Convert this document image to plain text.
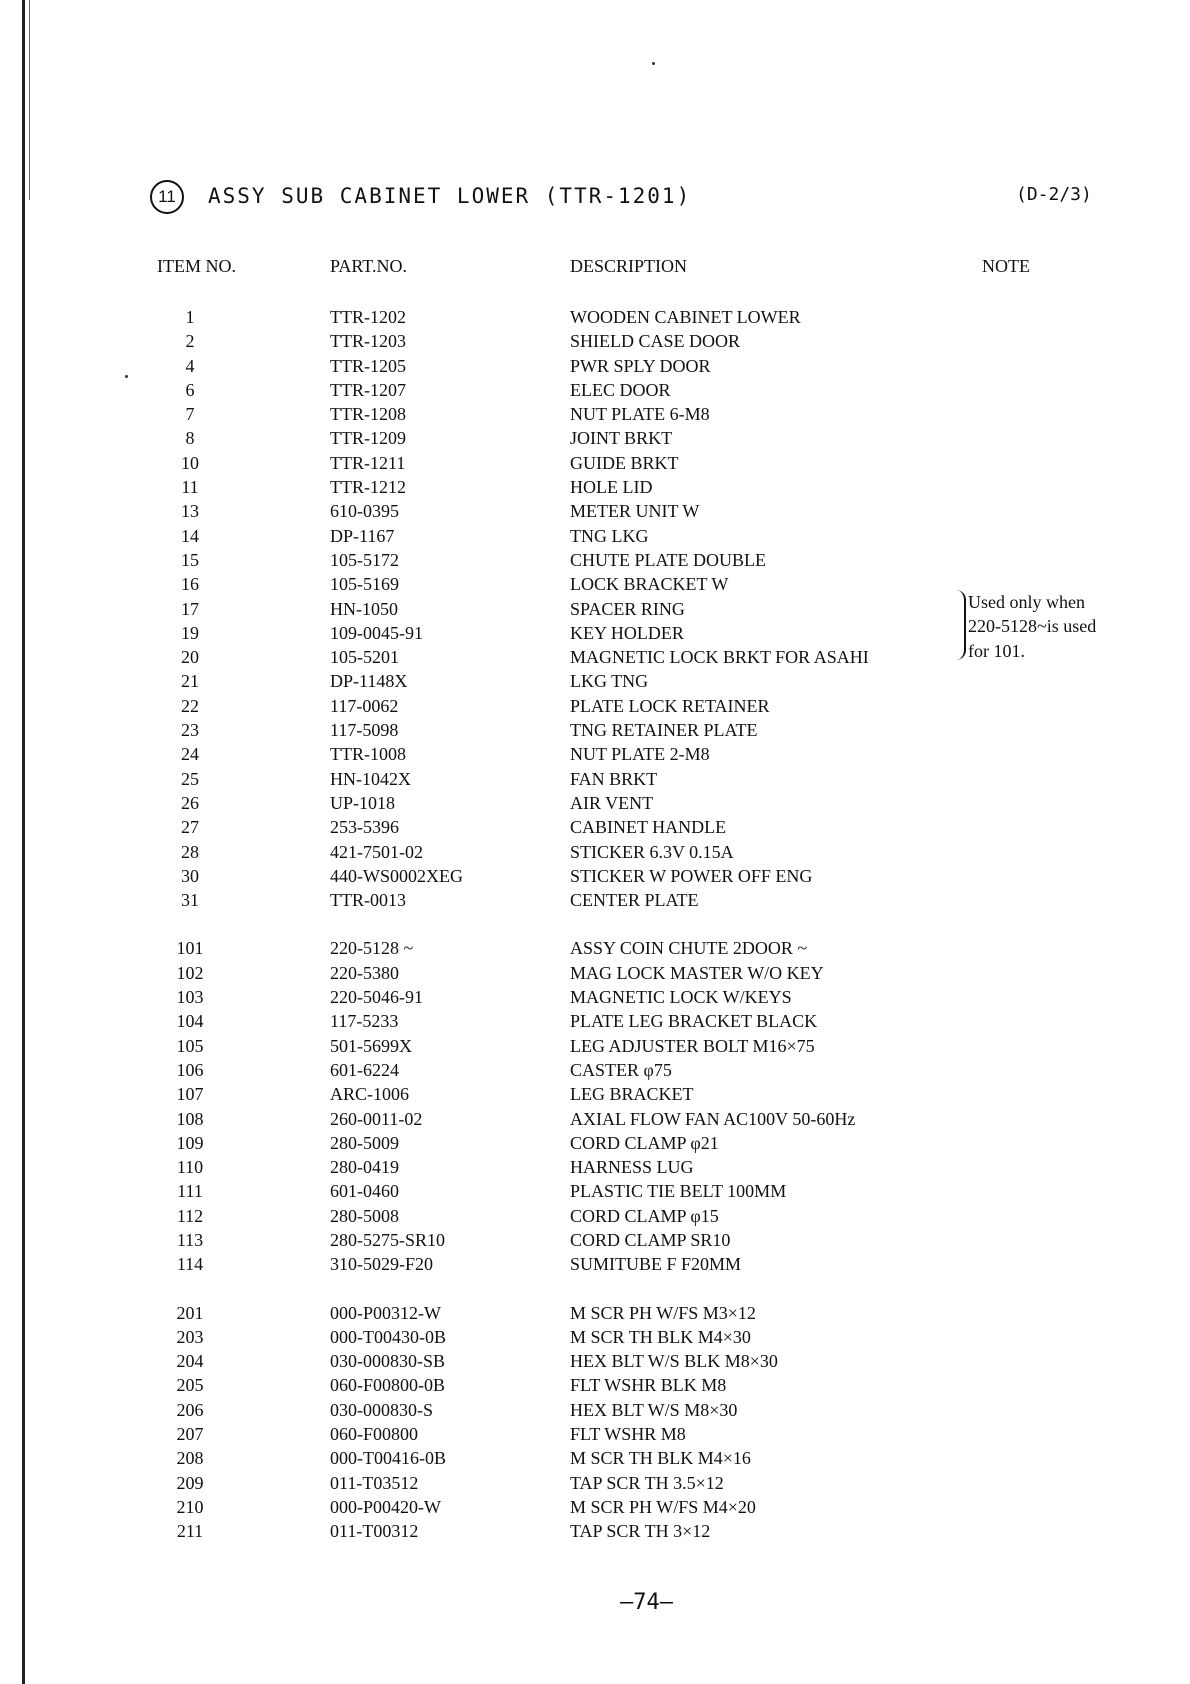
11	ASSY SUB CABINET LOWER (TTR-1201)	(D-2/3)
ITEM NO.	PART.NO.	DESCRIPTION	NOTE
1	TTR-1202	WOODEN CABINET LOWER
2	TTR-1203	SHIELD CASE DOOR
4	TTR-1205	PWR SPLY DOOR
6	TTR-1207	ELEC DOOR
7	TTR-1208	NUT PLATE 6-M8
8	TTR-1209	JOINT BRKT
10	TTR-1211	GUIDE BRKT
11	TTR-1212	HOLE LID
13	610-0395	METER UNIT W
14	DP-1167	TNG LKG
15	105-5172	CHUTE PLATE DOUBLE
16	105-5169	LOCK BRACKET W
17	HN-1050	SPACER RING
19	109-0045-91	KEY HOLDER
20	105-5201	MAGNETIC LOCK BRKT FOR ASAHI
21	DP-1148X	LKG TNG
22	117-0062	PLATE LOCK RETAINER
23	117-5098	TNG RETAINER PLATE
24	TTR-1008	NUT PLATE 2-M8
25	HN-1042X	FAN BRKT
26	UP-1018	AIR VENT
27	253-5396	CABINET HANDLE
28	421-7501-02	STICKER 6.3V 0.15A
30	440-WS0002XEG	STICKER W POWER OFF ENG
31	TTR-0013	CENTER PLATE
101	220-5128 ~	ASSY COIN CHUTE 2DOOR ~
102	220-5380	MAG LOCK MASTER W/O KEY
103	220-5046-91	MAGNETIC LOCK W/KEYS
104	117-5233	PLATE LEG BRACKET BLACK
105	501-5699X	LEG ADJUSTER BOLT M16×75
106	601-6224	CASTER φ75
107	ARC-1006	LEG BRACKET
108	260-0011-02	AXIAL FLOW FAN AC100V 50-60Hz
109	280-5009	CORD CLAMP φ21
110	280-0419	HARNESS LUG
111	601-0460	PLASTIC TIE BELT 100MM
112	280-5008	CORD CLAMP φ15
113	280-5275-SR10	CORD CLAMP SR10
114	310-5029-F20	SUMITUBE F F20MM
201	000-P00312-W	M SCR PH W/FS M3×12
203	000-T00430-0B	M SCR TH BLK M4×30
204	030-000830-SB	HEX BLT W/S BLK M8×30
205	060-F00800-0B	FLT WSHR BLK M8
206	030-000830-S	HEX BLT W/S M8×30
207	060-F00800	FLT WSHR M8
208	000-T00416-0B	M SCR TH BLK M4×16
209	011-T03512	TAP SCR TH 3.5×12
210	000-P00420-W	M SCR PH W/FS M4×20
211	011-T00312	TAP SCR TH 3×12
Used only when
220-5128~is used
for 101.
—74—
